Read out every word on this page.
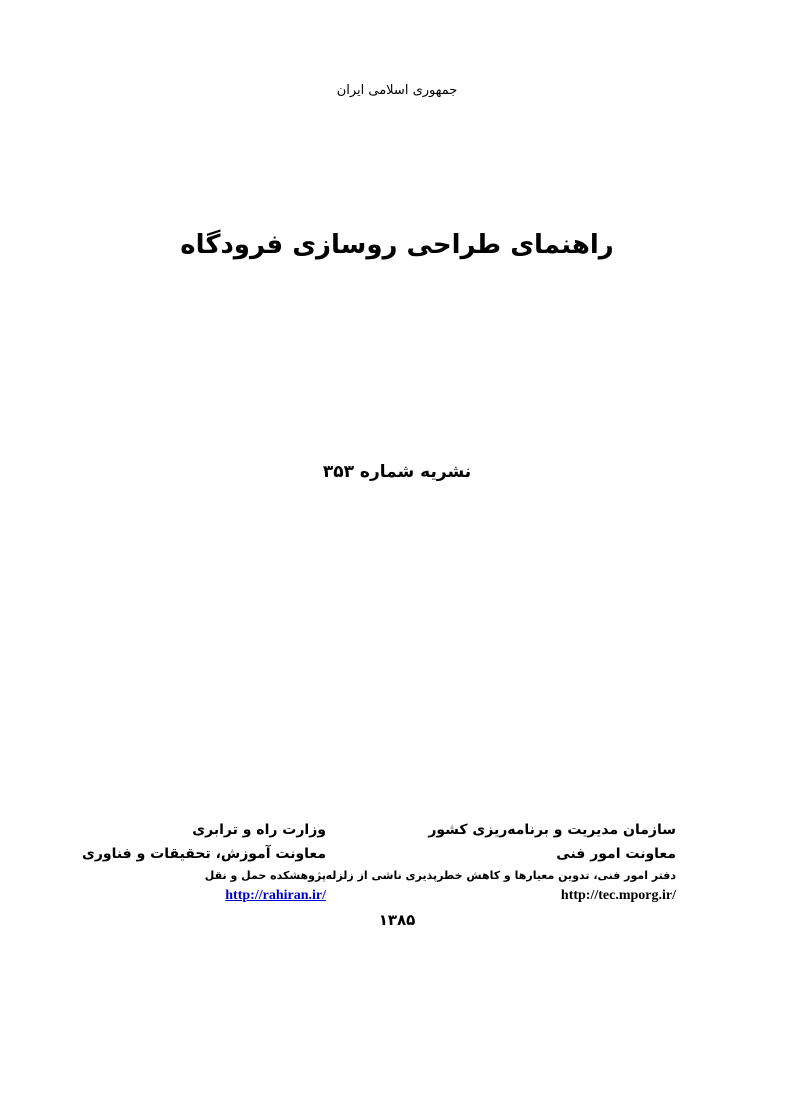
جمهوری اسلامی ایران
راهنمای طراحی روسازی فرودگاه
نشریه شماره ۳۵۳
سازمان مدیریت و برنامه‌ریزی کشور
معاونت امور فنی
دفتر امور فنی، تدوین معیارها و کاهش خطرپذیری ناشی از زلزله
http://tec.mporg.ir/
وزارت راه و ترابری
معاونت آموزش، تحقیقات و فناوری
پژوهشکده حمل و نقل
http://rahiran.ir/
۱۳۸۵
